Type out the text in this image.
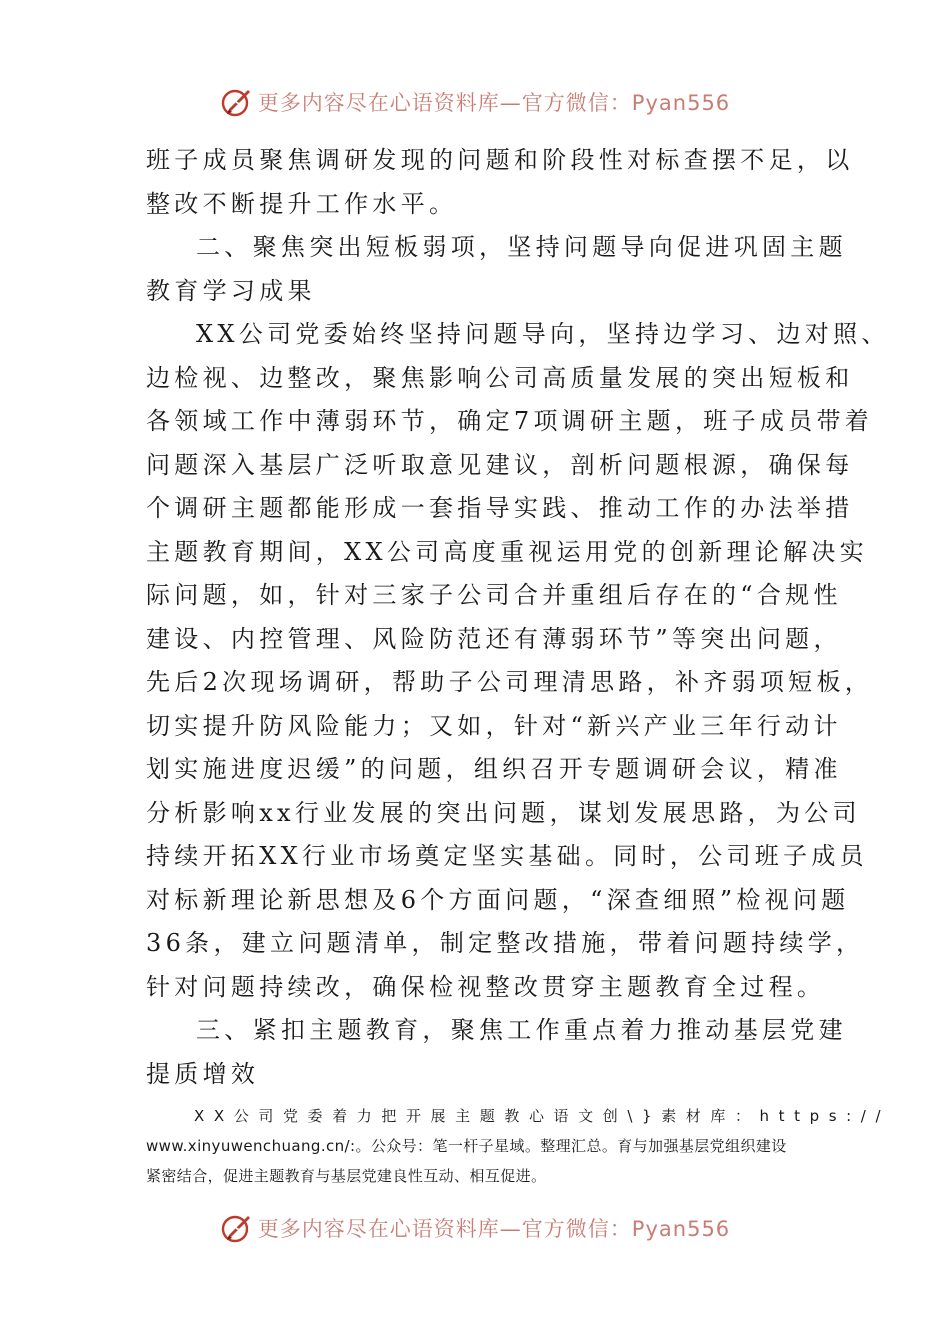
更多内容尽在心语资料库—官方微信：Pyan556
班子成员聚焦调研发现的问题和阶段性对标查摆不足，以
整改不断提升工作水平。
二、聚焦突出短板弱项，坚持问题导向促进巩固主题
教育学习成果
XX公司党委始终坚持问题导向，坚持边学习、边对照、
边检视、边整改，聚焦影响公司高质量发展的突出短板和
各领域工作中薄弱环节，确定7项调研主题，班子成员带着
问题深入基层广泛听取意见建议，剖析问题根源，确保每
个调研主题都能形成一套指导实践、推动工作的办法举措
主题教育期间，XX公司高度重视运用党的创新理论解决实
际问题，如，针对三家子公司合并重组后存在的“合规性
建设、内控管理、风险防范还有薄弱环节”等突出问题，
先后2次现场调研，帮助子公司理清思路，补齐弱项短板，
切实提升防风险能力；又如，针对“新兴产业三年行动计
划实施进度迟缓”的问题，组织召开专题调研会议，精准
分析影响xx行业发展的突出问题，谋划发展思路，为公司
持续开拓XX行业市场奠定坚实基础。同时，公司班子成员
对标新理论新思想及6个方面问题，“深查细照”检视问题
36条，建立问题清单，制定整改措施，带着问题持续学，
针对问题持续改，确保检视整改贯穿主题教育全过程。
三、紧扣主题教育，聚焦工作重点着力推动基层党建
提质增效
XX公司党委着力把开展主题教心语文创\}素材库：https://
www.xinyuwenchuang.cn/:。公众号：笔一杆子星域。整理汇总。育与加强基层党组织建设
紧密结合，促进主题教育与基层党建良性互动、相互促进。
更多内容尽在心语资料库—官方微信：Pyan556
